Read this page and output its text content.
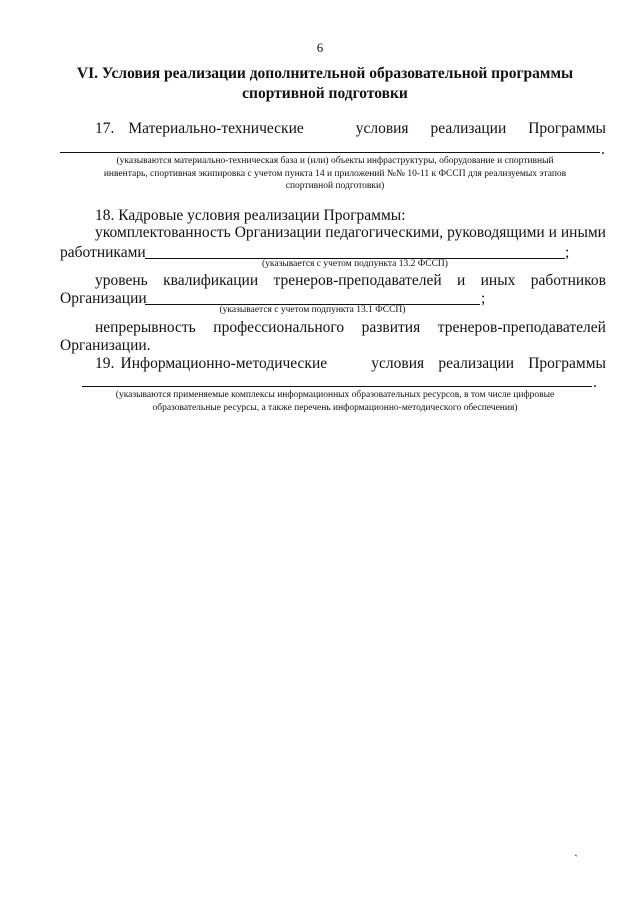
6
VI. Условия реализации дополнительной образовательной программы
спортивной подготовки
17. Материально-технические	условия реализации Программы
.
(указываются материально-техническая база и (или) объекты инфраструктуры, оборудование и спортивный
инвентарь, спортивная экипировка с учетом пункта 14 и приложений №№ 10-11 к ФССП для реализуемых этапов
спортивной подготовки)
18. Кадровые условия реализации Программы:
укомплектованность Организации педагогическими, руководящими и иными
работниками	;
(указывается с учетом подпункта 13.2 ФССП)
уровень квалификации тренеров-преподавателей и иных работников
Организации	;
(указывается с учетом подпункта 13.1 ФССП)
непрерывность профессионального развития тренеров-преподавателей
Организации.
19. Информационно-методические	условия реализации Программы
.
(указываются применяемые комплексы информационных образовательных ресурсов, в том числе цифровые
образовательные ресурсы, а также перечень информационно-методического обеспечения)
`
